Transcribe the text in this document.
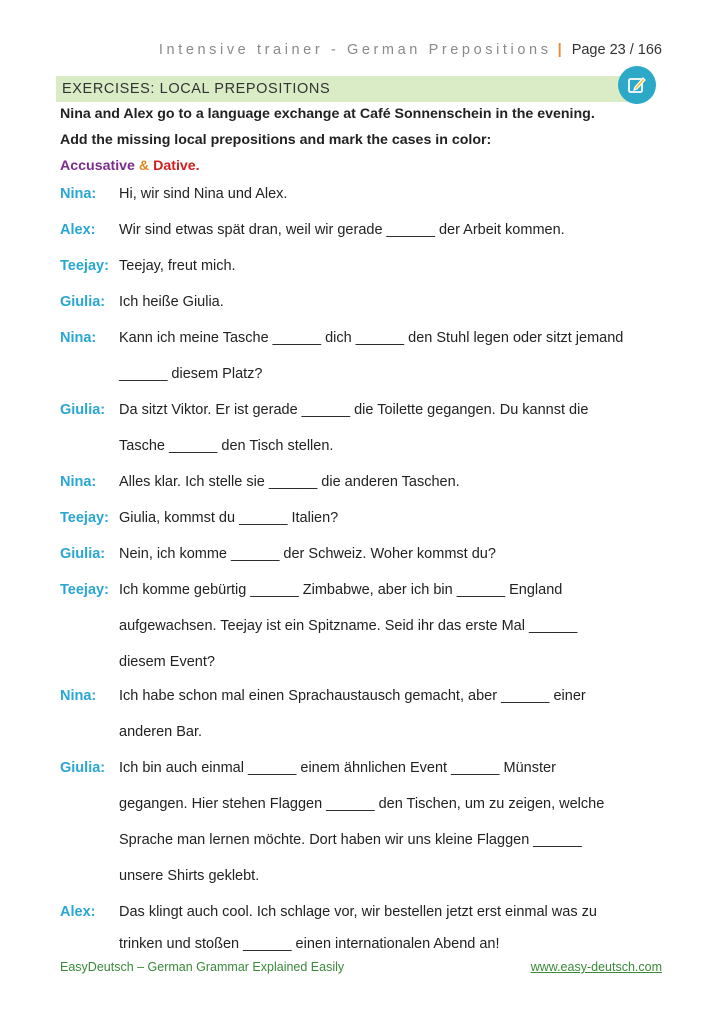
Intensive trainer - German Prepositions | Page 23 / 166
EXERCISES: LOCAL PREPOSITIONS
Nina and Alex go to a language exchange at Café Sonnenschein in the evening.
Add the missing local prepositions and mark the cases in color:
Accusative & Dative.
Nina: Hi, wir sind Nina und Alex.
Alex: Wir sind etwas spät dran, weil wir gerade ______ der Arbeit kommen.
Teejay: Teejay, freut mich.
Giulia: Ich heiße Giulia.
Nina: Kann ich meine Tasche ______ dich ______ den Stuhl legen oder sitzt jemand
______ diesem Platz?
Giulia: Da sitzt Viktor. Er ist gerade ______ die Toilette gegangen. Du kannst die
Tasche ______ den Tisch stellen.
Nina: Alles klar. Ich stelle sie ______ die anderen Taschen.
Teejay: Giulia, kommst du ______ Italien?
Giulia: Nein, ich komme ______ der Schweiz. Woher kommst du?
Teejay: Ich komme gebürtig ______ Zimbabwe, aber ich bin ______ England
aufgewachsen. Teejay ist ein Spitzname. Seid ihr das erste Mal ______
diesem Event?
Nina: Ich habe schon mal einen Sprachaustausch gemacht, aber ______ einer
anderen Bar.
Giulia: Ich bin auch einmal ______ einem ähnlichen Event ______ Münster
gegangen. Hier stehen Flaggen ______ den Tischen, um zu zeigen, welche
Sprache man lernen möchte. Dort haben wir uns kleine Flaggen ______
unsere Shirts geklebt.
Alex: Das klingt auch cool. Ich schlage vor, wir bestellen jetzt erst einmal was zu
trinken und stoßen ______ einen internationalen Abend an!
EasyDeutsch – German Grammar Explained Easily	www.easy-deutsch.com
